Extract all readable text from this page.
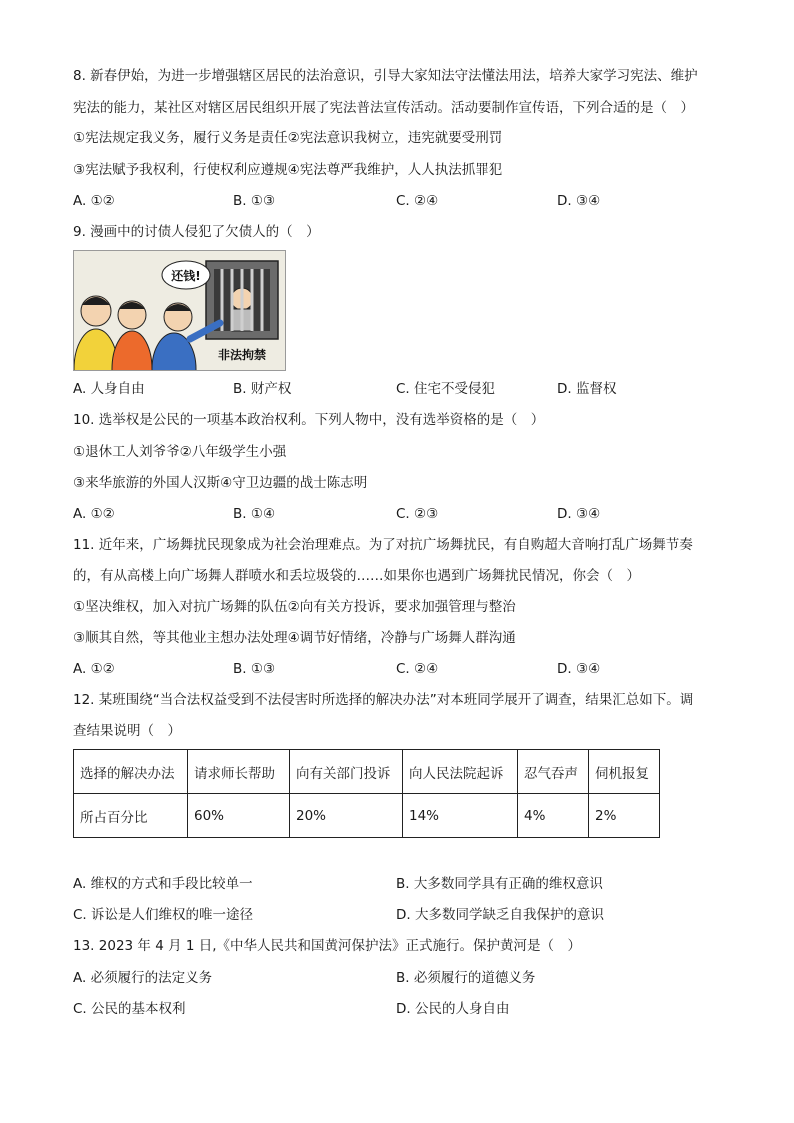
8. 新春伊始，为进一步增强辖区居民的法治意识，引导大家知法守法懂法用法，培养大家学习宪法、维护
宪法的能力，某社区对辖区居民组织开展了宪法普法宣传活动。活动要制作宣传语，下列合适的是（　）
①宪法规定我义务，履行义务是责任②宪法意识我树立，违宪就要受刑罚
③宪法赋予我权利，行使权利应遵规④宪法尊严我维护，人人执法抓罪犯
A. ①②	B. ①③	C. ②④	D. ③④
9. 漫画中的讨债人侵犯了欠债人的（　）
还钱!
非法拘禁
A. 人身自由	B. 财产权	C. 住宅不受侵犯	D. 监督权
10. 选举权是公民的一项基本政治权利。下列人物中，没有选举资格的是（　）
①退休工人刘爷爷②八年级学生小强
③来华旅游的外国人汉斯④守卫边疆的战士陈志明
A. ①②	B. ①④	C. ②③	D. ③④
11. 近年来，广场舞扰民现象成为社会治理难点。为了对抗广场舞扰民，有自购超大音响打乱广场舞节奏
的，有从高楼上向广场舞人群喷水和丢垃圾袋的……如果你也遇到广场舞扰民情况，你会（　）
①坚决维权，加入对抗广场舞的队伍②向有关方投诉，要求加强管理与整治
③顺其自然，等其他业主想办法处理④调节好情绪，冷静与广场舞人群沟通
A. ①②	B. ①③	C. ②④	D. ③④
12. 某班围绕“当合法权益受到不法侵害时所选择的解决办法”对本班同学展开了调查，结果汇总如下。调
查结果说明（　）
选择的解决办法	请求师长帮助	向有关部门投诉	向人民法院起诉	忍气吞声	伺机报复
所占百分比	60%	20%	14%	4%	2%
A. 维权的方式和手段比较单一	B. 大多数同学具有正确的维权意识
C. 诉讼是人们维权的唯一途径	D. 大多数同学缺乏自我保护的意识
13. 2023 年 4 月 1 日,《中华人民共和国黄河保护法》正式施行。保护黄河是（　）
A. 必须履行的法定义务	B. 必须履行的道德义务
C. 公民的基本权利	D. 公民的人身自由
